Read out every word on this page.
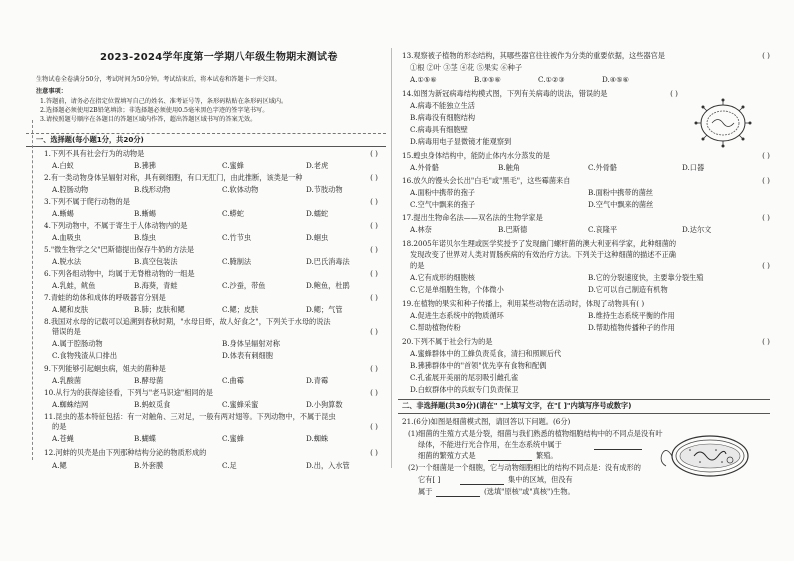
2023-2024学年度第一学期八年级生物期末测试卷
生物试卷全卷满分50分，考试时间为50分钟。考试结束后，将本试卷和答题卡一并交回。
注意事项：
1.答题前，请务必在指定位置填写自己的姓名、准考证号等，条形码粘贴在条形码区域内。
2.选择题必须使用2B铅笔填涂；非选择题必须使用0.5毫米黑色字迹的签字笔书写。
3.请按照题号顺序在各题目的答题区域内作答，超出答题区域书写的答案无效。
一、选择题(每小题1分，共20分)
1.下列不具有社会行为的动物是	( )
A.白蚁	B.狒狒	C.蜜蜂	D.老虎
2.有一类动物身体呈辐射对称，具有刺细胞，有口无肛门，由此推断，该类是一种	( )
A.腔肠动物	B.线形动物	C.软体动物	D.节肢动物
3.下列不属于爬行动物的是	( )
A.蜥蜴	B.蜥蜴	C.蟒蛇	D.蠕蛇
4.下列动物中，不属于寄生于人体动物内的是	( )
A.血吸虫	B.绦虫	C.竹节虫	D.蛔虫
5."微生物学之父"巴斯德提出保存牛奶的方法是	( )
A.脱水法	B.真空包装法	C.腌制法	D.巴氏消毒法
6.下列各组动物中，均属于无脊椎动物的一组是	( )
A.乳蛙，鱿鱼	B.海葵，青蛙	C.沙蚕，带鱼	D.鲍鱼，杜鹃
7.青蛙的幼体和成体的呼吸器官分别是	( )
A.鳃和皮肤	B.肺；皮肤和鳃	C.鳃；皮肤	D.鳃；气管
8.我国对水母的记载可以追溯到春秋时期，"水母目虾，故人好食之"，下列关于水母的说法
错误的是	( )
A.属于腔肠动物	B.身体呈辐射对称
C.食物残渣从口排出	D.体表有刺细胞
9.下列能够引起蛔虫病，姐夫的菌种是	( )
A.乳酸菌	B.酵母菌	C.曲霉	D.青霉
10.从行为的获得途径看，下列与"老马识途"相同的是	( )
A.蜘蛛结网	B.蚂蚁觅食	C.蜜蜂采蜜	D.小狗算数
11.昆虫的基本特征包括：有一对触角、三对足，一般有两对翅等。下列动物中，不属于昆虫
的是	( )
A.苍蝇	B.蝴蝶	C.蜜蜂	D.蜘蛛
12.河蚌的贝壳是由下列那种结构分泌的物质形成的	( )
A.鳃	B.外套膜	C.足	D.出，入水管
13.观察被子植物的形态结构，其哪些器官往往被作为分类的重要依据，这些器官是	( )
①根 ②叶 ③茎 ④花 ⑤果实 ⑥种子
A.①⑤⑥	B.③⑤⑥	C.①②③	D.④⑤⑥
14.如图为新冠病毒结构模式图，下列有关病毒的说法，错误的是	( )
A.病毒不能独立生活
B.病毒没有细胞结构
C.病毒具有细胞壁
D.病毒用电子显微镜才能观察到
15.蝗虫身体结构中，能防止体内水分蒸发的是	( )
A.外骨骼	B.触角	C.外骨骼	D.口器
16.放久的馒头会长出"白毛"或"黑毛"，这些霉菌来自	( )
A.面粉中携带的孢子	B.面粉中携带的菌丝
C.空气中飘来的孢子	D.空气中飘来的菌丝
17.提出生物命名法——双名法的生物学家是	( )
A.林奈	B.巴斯德	C.哀隆平	D.达尔文
18.2005年诺贝尔生理或医学奖授予了发现幽门螺杆菌的澳大利亚科学家，此种细菌的
发现改变了世界对人类对胃肠疾病的有效治疗方法。下列关于这种细菌的描述不正确
的是	( )
A.它有成形的细胞核	B.它的分裂速度快，主要靠分裂生殖
C.它是单细胞生物，个体微小	D.它可以自己制造有机物
19.在植物的果实和种子传播上，利用某些动物在活动时，体现了动物具有( )
A.促进生态系统中的物质循环	B.维持生态系统平衡的作用
C.帮助植物传粉	D.帮助植物传播种子的作用
20.下列不属于社会行为的是	( )
A.蜜蜂群体中的工蜂负责觅食，清扫和照顾后代
B.狒狒群体中的"首领"优先享有食物和配偶
C.孔雀展开美丽的尾羽吸引雌孔雀
D.白蚁群体中的兵蚁专门负责保卫
二、非选择题(共30分)(请在" "上填写文字，在"[ ]"内填写序号或数字)
21.(6分)如图是细菌模式图，请回答以下问题。(6分)
(1)细菌的生殖方式是分裂，细菌与我们熟悉的植物细胞结构中的不同点是没有叶
绿体，不能进行光合作用，在生态系统中属于
细菌的繁殖方式是	繁殖。
(2)一个细菌是一个细胞，它与动物细胞相比的结构不同点是：没有成形的
它有[ ]	集中的区域，但没有
属于	(选填"原核"或"真核")生物。
